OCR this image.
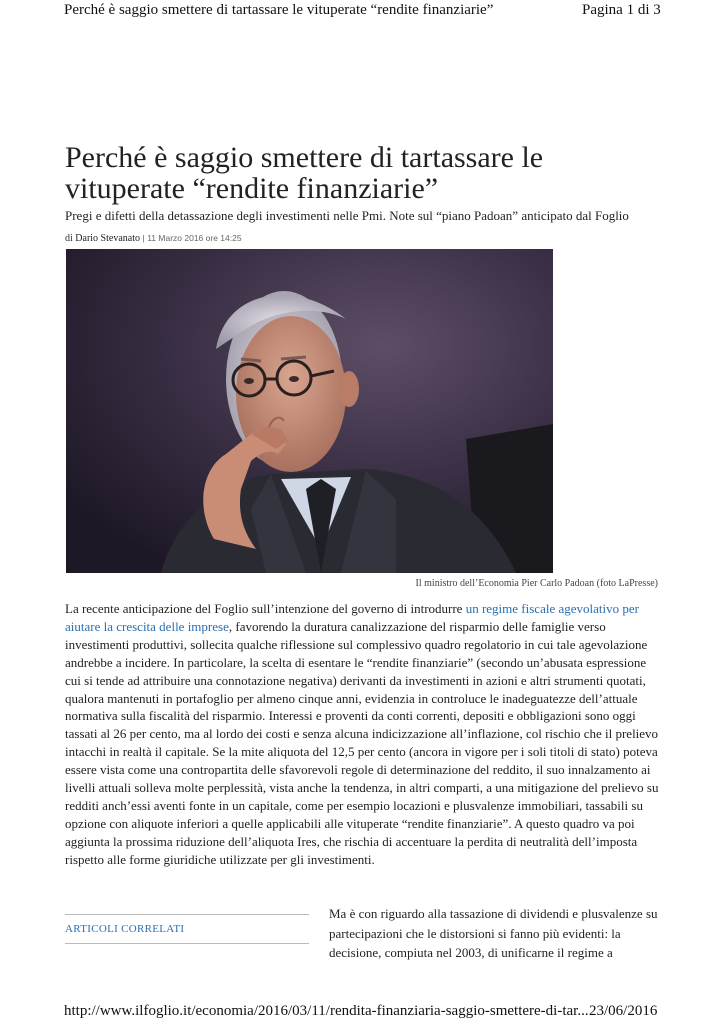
Perché è saggio smettere di tartassare le vituperate “rendite finanziarie”	Pagina 1 di 3
Perché è saggio smettere di tartassare le
vituperate “rendite finanziarie”
Pregi e difetti della detassazione degli investimenti nelle Pmi. Note sul “piano Padoan” anticipato dal Foglio
di Dario Stevanato | 11 Marzo 2016 ore 14:25
Il ministro dell’Economia Pier Carlo Padoan (foto LaPresse)

La recente anticipazione del Foglio sull’intenzione del governo di introdurre un regime fiscale agevolativo per aiutare la crescita delle imprese, favorendo la duratura canalizzazione del risparmio delle famiglie verso investimenti produttivi, sollecita qualche riflessione sul complessivo quadro regolatorio in cui tale agevolazione andrebbe a incidere. In particolare, la scelta di esentare le “rendite finanziarie” (secondo un’abusata espressione cui si tende ad attribuire una connotazione negativa) derivanti da investimenti in azioni e altri strumenti quotati, qualora mantenuti in portafoglio per almeno cinque anni, evidenzia in controluce le inadeguatezze dell’attuale normativa sulla fiscalità del risparmio. Interessi e proventi da conti correnti, depositi e obbligazioni sono oggi tassati al 26 per cento, ma al lordo dei costi e senza alcuna indicizzazione all’inflazione, col rischio che il prelievo intacchi in realtà il capitale. Se la mite aliquota del 12,5 per cento (ancora in vigore per i soli titoli di stato) poteva essere vista come una contropartita delle sfavorevoli regole di determinazione del reddito, il suo innalzamento ai livelli attuali solleva molte perplessità, vista anche la tendenza, in altri comparti, a una mitigazione del prelievo su redditi anch’essi aventi fonte in un capitale, come per esempio locazioni e plusvalenze immobiliari, tassabili su opzione con aliquote inferiori a quelle applicabili alle vituperate “rendite finanziarie”. A questo quadro va poi aggiunta la prossima riduzione dell’aliquota Ires, che rischia di accentuare la perdita di neutralità dell’imposta rispetto alle forme giuridiche utilizzate per gli investimenti.

ARTICOLI CORRELATI

Ma è con riguardo alla tassazione di dividendi e plusvalenze su partecipazioni che le distorsioni si fanno più evidenti: la decisione, compiuta nel 2003, di unificarne il regime a

http://www.ilfoglio.it/economia/2016/03/11/rendita-finanziaria-saggio-smettere-di-tar... 23/06/2016
